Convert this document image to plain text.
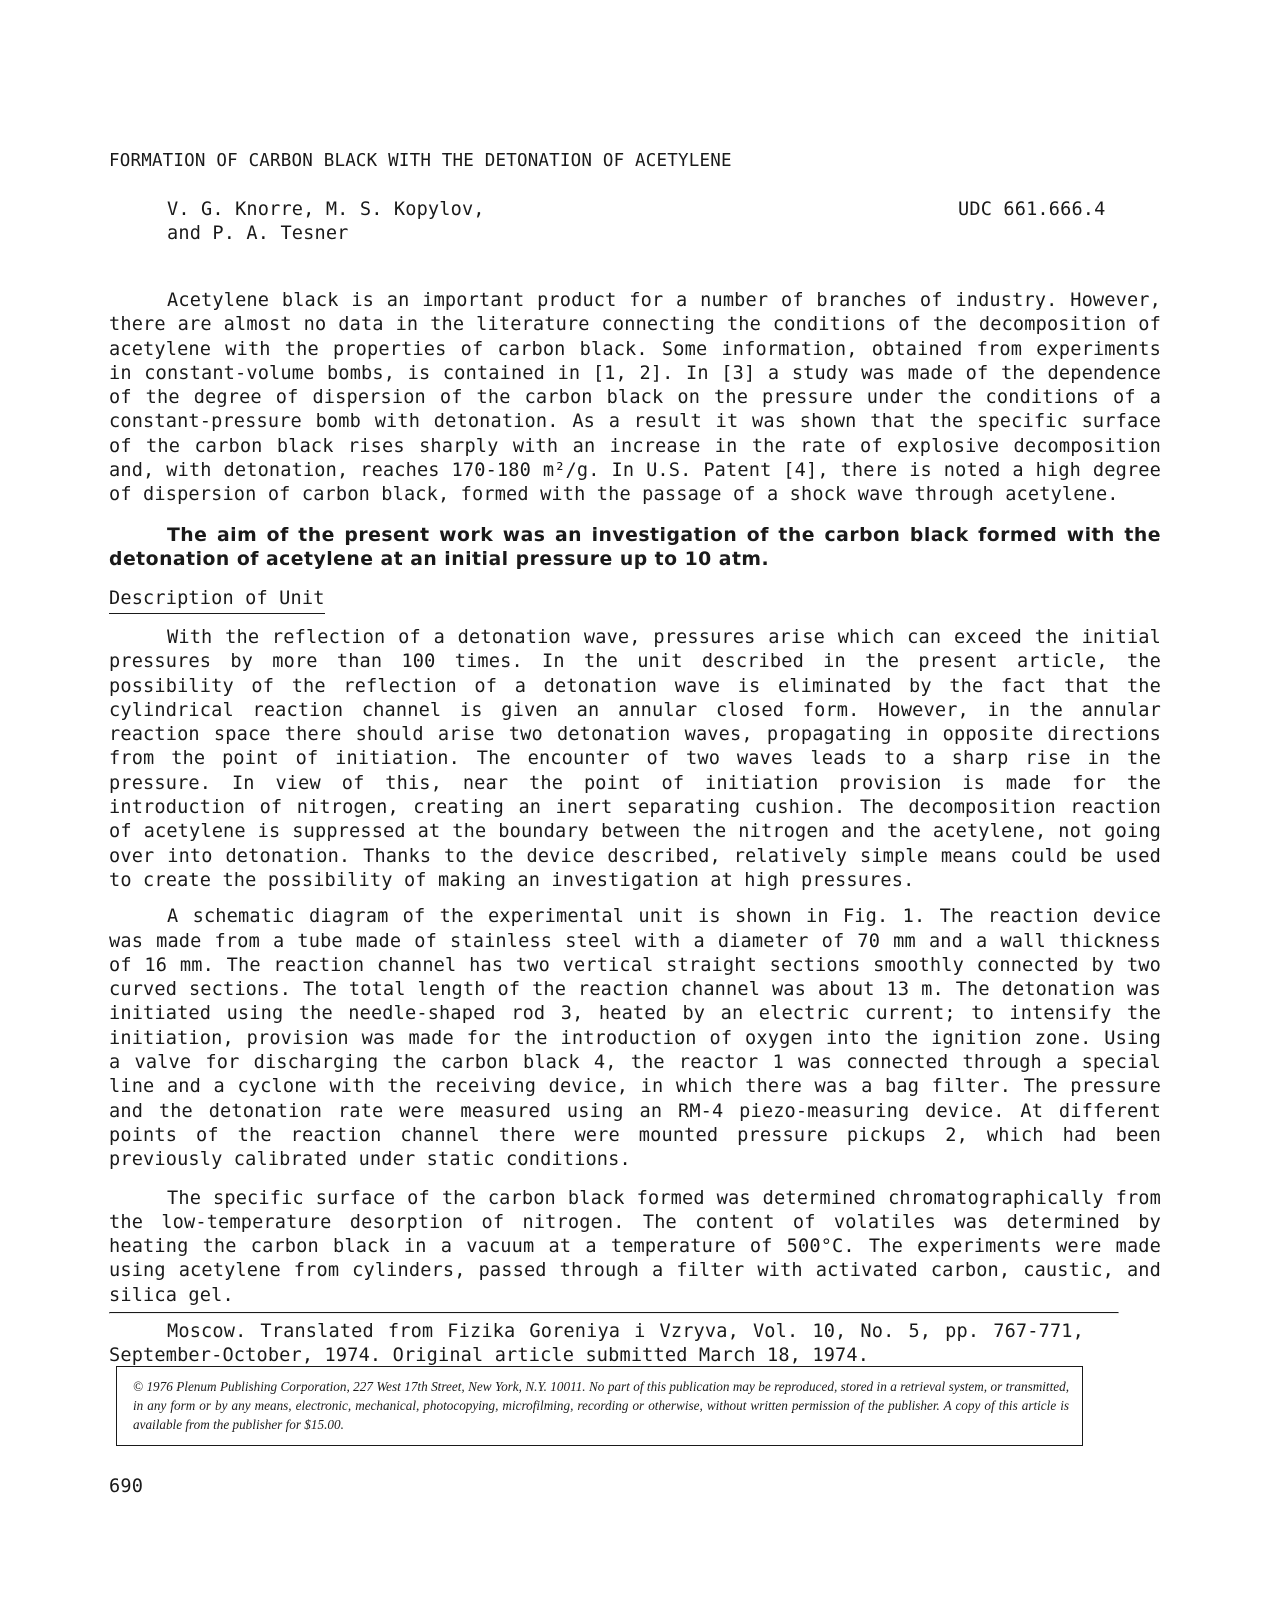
FORMATION OF CARBON BLACK WITH THE DETONATION OF ACETYLENE
V. G. Knorre, M. S. Kopylov,
and P. A. Tesner
UDC 661.666.4

Acetylene black is an important product for a number of branches of industry. However, there are almost no data in the literature connecting the conditions of the decomposition of acetylene with the properties of carbon black. Some information, obtained from experiments in constant-volume bombs, is contained in [1, 2]. In [3] a study was made of the dependence of the degree of dispersion of the carbon black on the pressure under the conditions of a constant-pressure bomb with detonation. As a result it was shown that the specific surface of the carbon black rises sharply with an increase in the rate of explosive decomposition and, with detonation, reaches 170-180 m²/g. In U.S. Patent [4], there is noted a high degree of dispersion of carbon black, formed with the passage of a shock wave through acetylene.

The aim of the present work was an investigation of the carbon black formed with the detonation of acetylene at an initial pressure up to 10 atm.

Description of Unit

With the reflection of a detonation wave, pressures arise which can exceed the initial pressures by more than 100 times. In the unit described in the present article, the possibility of the reflection of a detonation wave is eliminated by the fact that the cylindrical reaction channel is given an annular closed form. However, in the annular reaction space there should arise two detonation waves, propagating in opposite directions from the point of initiation. The encounter of two waves leads to a sharp rise in the pressure. In view of this, near the point of initiation provision is made for the introduction of nitrogen, creating an inert separating cushion. The decomposition reaction of acetylene is suppressed at the boundary between the nitrogen and the acetylene, not going over into detonation. Thanks to the device described, relatively simple means could be used to create the possibility of making an investigation at high pressures.

A schematic diagram of the experimental unit is shown in Fig. 1. The reaction device was made from a tube made of stainless steel with a diameter of 70 mm and a wall thickness of 16 mm. The reaction channel has two vertical straight sections smoothly connected by two curved sections. The total length of the reaction channel was about 13 m. The detonation was initiated using the needle-shaped rod 3, heated by an electric current; to intensify the initiation, provision was made for the introduction of oxygen into the ignition zone. Using a valve for discharging the carbon black 4, the reactor 1 was connected through a special line and a cyclone with the receiving device, in which there was a bag filter. The pressure and the detonation rate were measured using an RM-4 piezo-measuring device. At different points of the reaction channel there were mounted pressure pickups 2, which had been previously calibrated under static conditions.

The specific surface of the carbon black formed was determined chromatographically from the low-temperature desorption of nitrogen. The content of volatiles was determined by heating the carbon black in a vacuum at a temperature of 500°C. The experiments were made using acetylene from cylinders, passed through a filter with activated carbon, caustic, and silica gel.

Moscow. Translated from Fizika Goreniya i Vzryva, Vol. 10, No. 5, pp. 767-771, September-October, 1974. Original article submitted March 18, 1974.

© 1976 Plenum Publishing Corporation, 227 West 17th Street, New York, N.Y. 10011. No part of this publication may be reproduced, stored in a retrieval system, or transmitted, in any form or by any means, electronic, mechanical, photocopying, microfilming, recording or otherwise, without written permission of the publisher. A copy of this article is available from the publisher for $15.00.
690
